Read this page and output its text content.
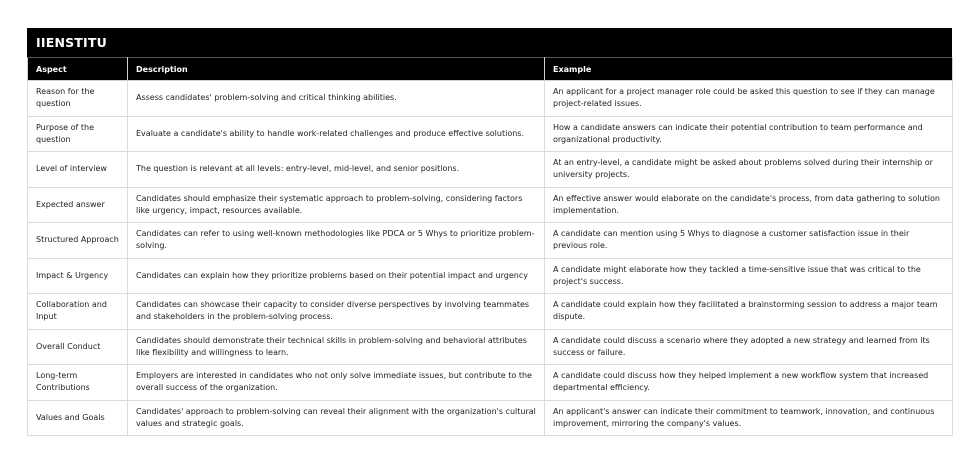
IIENSTITU
Aspect	Description	Example
Reason for the question	Assess candidates' problem-solving and critical thinking abilities.	An applicant for a project manager role could be asked this question to see if they can manage project-related issues.
Purpose of the question	Evaluate a candidate's ability to handle work-related challenges and produce effective solutions.	How a candidate answers can indicate their potential contribution to team performance and organizational productivity.
Level of interview	The question is relevant at all levels: entry-level, mid-level, and senior positions.	At an entry-level, a candidate might be asked about problems solved during their internship or university projects.
Expected answer	Candidates should emphasize their systematic approach to problem-solving, considering factors like urgency, impact, resources available.	An effective answer would elaborate on the candidate's process, from data gathering to solution implementation.
Structured Approach	Candidates can refer to using well-known methodologies like PDCA or 5 Whys to prioritize problem-solving.	A candidate can mention using 5 Whys to diagnose a customer satisfaction issue in their previous role.
Impact & Urgency	Candidates can explain how they prioritize problems based on their potential impact and urgency	A candidate might elaborate how they tackled a time-sensitive issue that was critical to the project's success.
Collaboration and Input	Candidates can showcase their capacity to consider diverse perspectives by involving teammates and stakeholders in the problem-solving process.	A candidate could explain how they facilitated a brainstorming session to address a major team dispute.
Overall Conduct	Candidates should demonstrate their technical skills in problem-solving and behavioral attributes like flexibility and willingness to learn.	A candidate could discuss a scenario where they adopted a new strategy and learned from its success or failure.
Long-term Contributions	Employers are interested in candidates who not only solve immediate issues, but contribute to the overall success of the organization.	A candidate could discuss how they helped implement a new workflow system that increased departmental efficiency.
Values and Goals	Candidates' approach to problem-solving can reveal their alignment with the organization's cultural values and strategic goals.	An applicant's answer can indicate their commitment to teamwork, innovation, and continuous improvement, mirroring the company's values.
